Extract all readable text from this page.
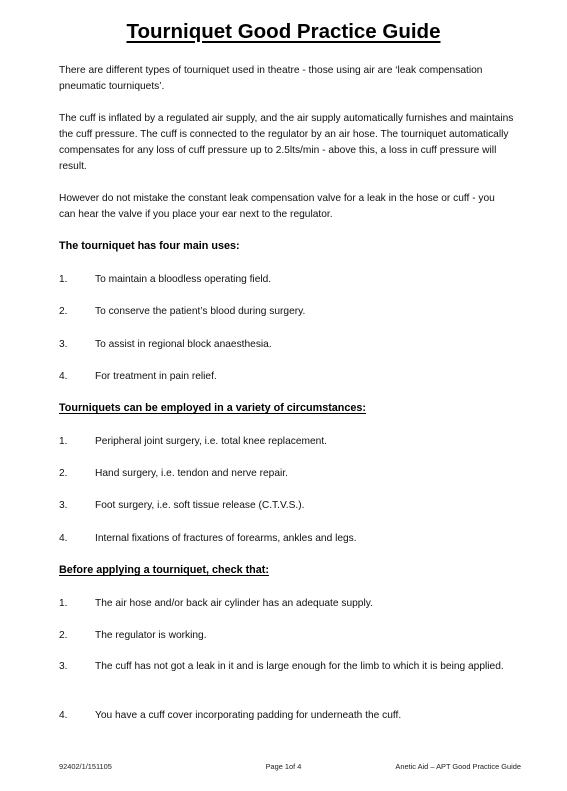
Tourniquet Good Practice Guide

There are different types of tourniquet used in theatre - those using air are ‘leak compensation pneumatic tourniquets’.

The cuff is inflated by a regulated air supply, and the air supply automatically furnishes and maintains the cuff pressure. The cuff is connected to the regulator by an air hose. The tourniquet automatically compensates for any loss of cuff pressure up to 2.5lts/min - above this, a loss in cuff pressure will result.

However do not mistake the constant leak compensation valve for a leak in the hose or cuff - you can hear the valve if you place your ear next to the regulator.

The tourniquet has four main uses:
1.	To maintain a bloodless operating field.
2.	To conserve the patient’s blood during surgery.
3.	To assist in regional block anaesthesia.
4.	For treatment in pain relief.
Tourniquets can be employed in a variety of circumstances:
1.	Peripheral joint surgery, i.e. total knee replacement.
2.	Hand surgery, i.e. tendon and nerve repair.
3.	Foot surgery, i.e. soft tissue release (C.T.V.S.).
4.	Internal fixations of fractures of forearms, ankles and legs.
Before applying a tourniquet, check that:
1.	The air hose and/or back air cylinder has an adequate supply.
2.	The regulator is working.
3.	The cuff has not got a leak in it and is large enough for the limb to which it is being applied.
4.	You have a cuff cover incorporating padding for underneath the cuff.
92402/1/151105	Page 1of 4	Anetic Aid – APT Good Practice Guide
